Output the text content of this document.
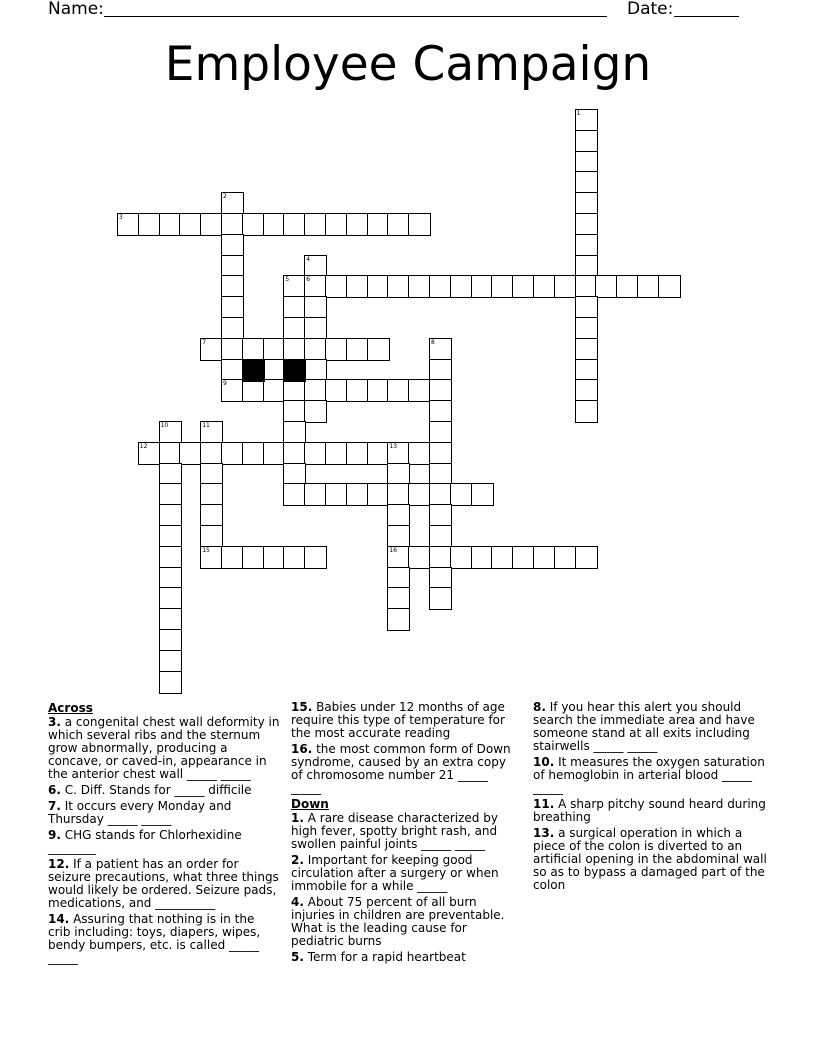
Name:	Date:
Employee Campaign
1
2
3
4
5	6
7	8
9
10	11
12	13
15	16
Across
3. a congenital chest wall deformity in which several ribs and the sternum grow abnormally, producing a concave, or caved-in, appearance in the anterior chest wall _____ _____
6. C. Diff. Stands for _____ difficile
7. It occurs every Monday and Thursday _____ _____
9. CHG stands for Chlorhexidine ________
12. If a patient has an order for seizure precautions, what three things would likely be ordered. Seizure pads, medications, and __________
14. Assuring that nothing is in the crib including: toys, diapers, wipes, bendy bumpers, etc. is called _____ _____
15. Babies under 12 months of age require this type of temperature for the most accurate reading
16. the most common form of Down syndrome, caused by an extra copy of chromosome number 21 _____ _____
Down
1. A rare disease characterized by high fever, spotty bright rash, and swollen painful joints _____ _____
2. Important for keeping good circulation after a surgery or when immobile for a while _____
4. About 75 percent of all burn injuries in children are preventable. What is the leading cause for pediatric burns
5. Term for a rapid heartbeat
8. If you hear this alert you should search the immediate area and have someone stand at all exits including stairwells _____ _____
10. It measures the oxygen saturation of hemoglobin in arterial blood _____ _____
11. A sharp pitchy sound heard during breathing
13. a surgical operation in which a piece of the colon is diverted to an artificial opening in the abdominal wall so as to bypass a damaged part of the colon
